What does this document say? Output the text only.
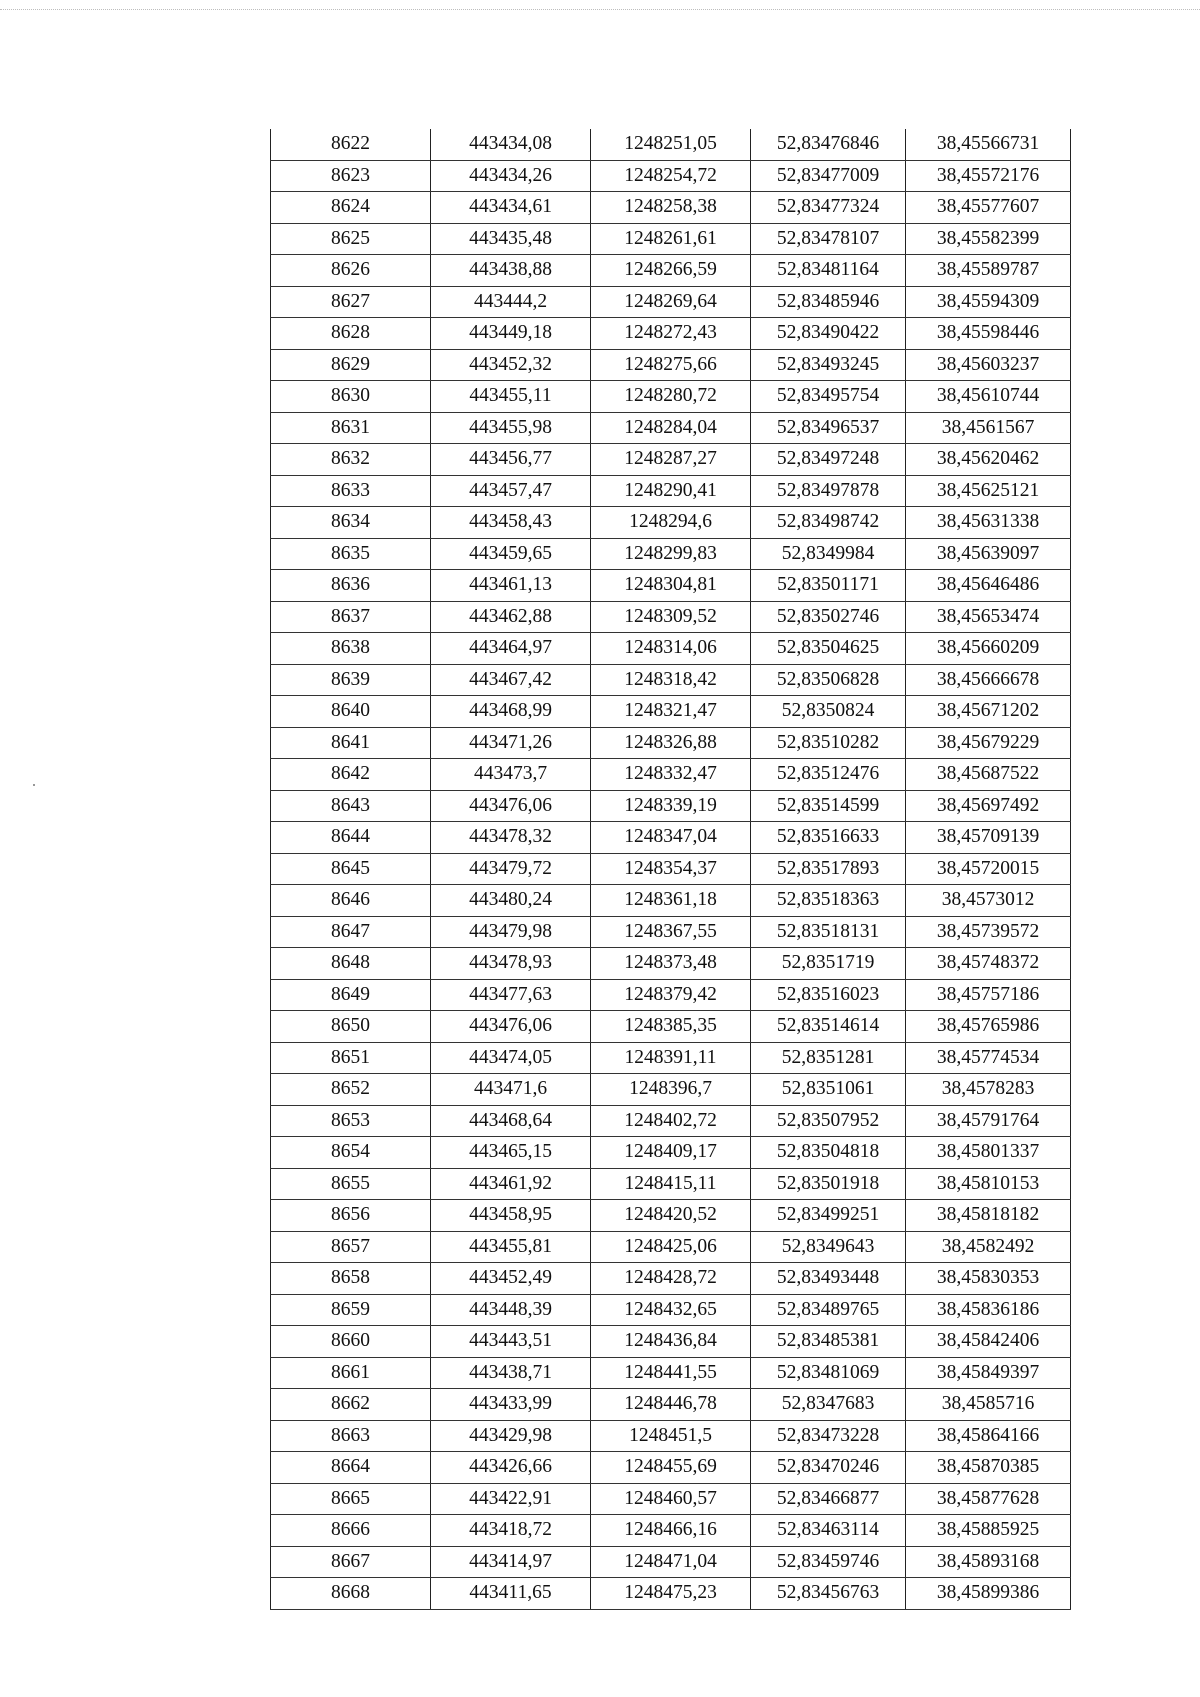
8622	443434,08	1248251,05	52,83476846	38,45566731
8623	443434,26	1248254,72	52,83477009	38,45572176
8624	443434,61	1248258,38	52,83477324	38,45577607
8625	443435,48	1248261,61	52,83478107	38,45582399
8626	443438,88	1248266,59	52,83481164	38,45589787
8627	443444,2	1248269,64	52,83485946	38,45594309
8628	443449,18	1248272,43	52,83490422	38,45598446
8629	443452,32	1248275,66	52,83493245	38,45603237
8630	443455,11	1248280,72	52,83495754	38,45610744
8631	443455,98	1248284,04	52,83496537	38,4561567
8632	443456,77	1248287,27	52,83497248	38,45620462
8633	443457,47	1248290,41	52,83497878	38,45625121
8634	443458,43	1248294,6	52,83498742	38,45631338
8635	443459,65	1248299,83	52,8349984	38,45639097
8636	443461,13	1248304,81	52,83501171	38,45646486
8637	443462,88	1248309,52	52,83502746	38,45653474
8638	443464,97	1248314,06	52,83504625	38,45660209
8639	443467,42	1248318,42	52,83506828	38,45666678
8640	443468,99	1248321,47	52,8350824	38,45671202
8641	443471,26	1248326,88	52,83510282	38,45679229
8642	443473,7	1248332,47	52,83512476	38,45687522
8643	443476,06	1248339,19	52,83514599	38,45697492
8644	443478,32	1248347,04	52,83516633	38,45709139
8645	443479,72	1248354,37	52,83517893	38,45720015
8646	443480,24	1248361,18	52,83518363	38,4573012
8647	443479,98	1248367,55	52,83518131	38,45739572
8648	443478,93	1248373,48	52,8351719	38,45748372
8649	443477,63	1248379,42	52,83516023	38,45757186
8650	443476,06	1248385,35	52,83514614	38,45765986
8651	443474,05	1248391,11	52,8351281	38,45774534
8652	443471,6	1248396,7	52,8351061	38,4578283
8653	443468,64	1248402,72	52,83507952	38,45791764
8654	443465,15	1248409,17	52,83504818	38,45801337
8655	443461,92	1248415,11	52,83501918	38,45810153
8656	443458,95	1248420,52	52,83499251	38,45818182
8657	443455,81	1248425,06	52,8349643	38,4582492
8658	443452,49	1248428,72	52,83493448	38,45830353
8659	443448,39	1248432,65	52,83489765	38,45836186
8660	443443,51	1248436,84	52,83485381	38,45842406
8661	443438,71	1248441,55	52,83481069	38,45849397
8662	443433,99	1248446,78	52,8347683	38,4585716
8663	443429,98	1248451,5	52,83473228	38,45864166
8664	443426,66	1248455,69	52,83470246	38,45870385
8665	443422,91	1248460,57	52,83466877	38,45877628
8666	443418,72	1248466,16	52,83463114	38,45885925
8667	443414,97	1248471,04	52,83459746	38,45893168
8668	443411,65	1248475,23	52,83456763	38,45899386
